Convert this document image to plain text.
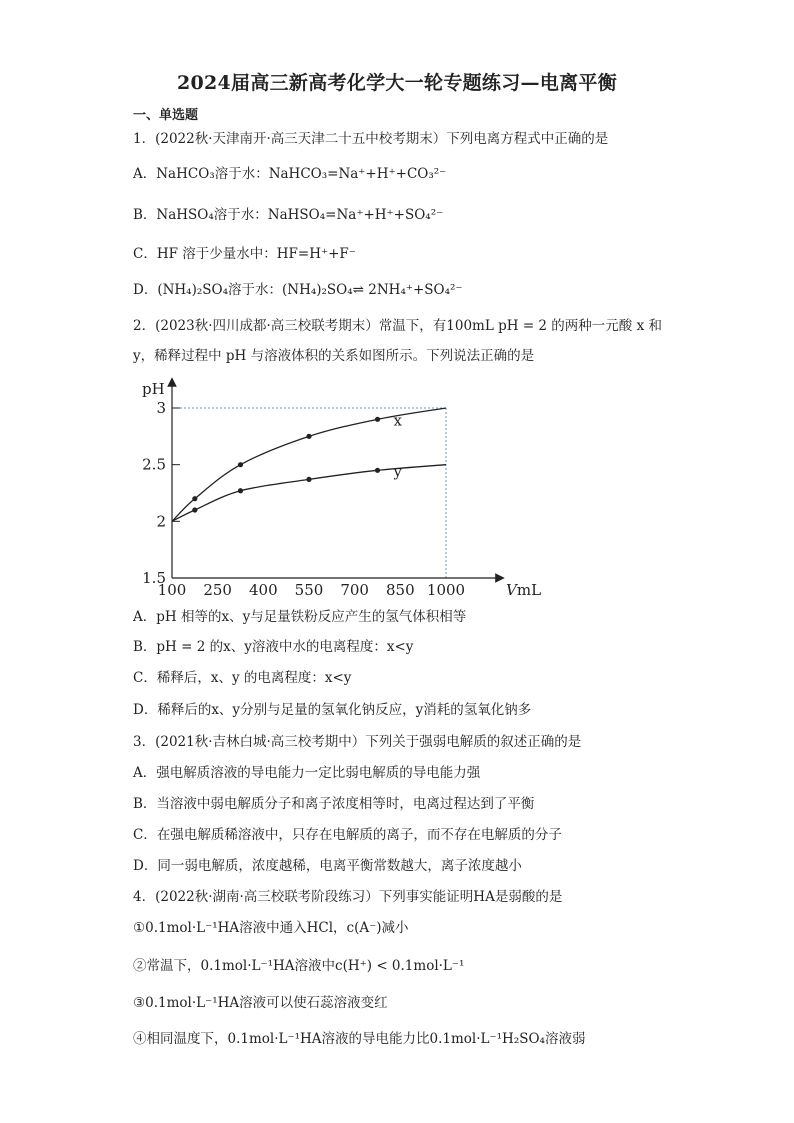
2024届高三新高考化学大一轮专题练习—电离平衡
一、单选题
1．(2022秋·天津南开·高三天津二十五中校考期末）下列电离方程式中正确的是
A．NaHCO₃溶于水：NaHCO₃=Na⁺+H⁺+CO₃²⁻
B．NaHSO₄溶于水：NaHSO₄=Na⁺+H⁺+SO₄²⁻
C．HF 溶于少量水中：HF=H⁺+F⁻
D．(NH₄)₂SO₄溶于水：(NH₄)₂SO₄⇌ 2NH₄⁺+SO₄²⁻
2．(2023秋·四川成都·高三校联考期末）常温下，有100mL pH = 2 的两种一元酸 x 和
y，稀释过程中 pH 与溶液体积的关系如图所示。下列说法正确的是
1.5
2
2.5
3
pH
100 250 400 550 700 850 1000	VmL
x
y
A．pH 相等的x、y与足量铁粉反应产生的氢气体积相等
B．pH = 2 的x、y溶液中水的电离程度：x<y
C．稀释后，x、y 的电离程度：x<y
D．稀释后的x、y分别与足量的氢氧化钠反应，y消耗的氢氧化钠多
3．(2021秋·吉林白城·高三校考期中）下列关于强弱电解质的叙述正确的是
A．强电解质溶液的导电能力一定比弱电解质的导电能力强
B．当溶液中弱电解质分子和离子浓度相等时，电离过程达到了平衡
C．在强电解质稀溶液中，只存在电解质的离子，而不存在电解质的分子
D．同一弱电解质，浓度越稀，电离平衡常数越大，离子浓度越小
4．(2022秋·湖南·高三校联考阶段练习）下列事实能证明HA是弱酸的是
①0.1mol·L⁻¹HA溶液中通入HCl，c(A⁻)减小
②常温下，0.1mol·L⁻¹HA溶液中c(H⁺) < 0.1mol·L⁻¹
③0.1mol·L⁻¹HA溶液可以使石蕊溶液变红
④相同温度下，0.1mol·L⁻¹HA溶液的导电能力比0.1mol·L⁻¹H₂SO₄溶液弱
